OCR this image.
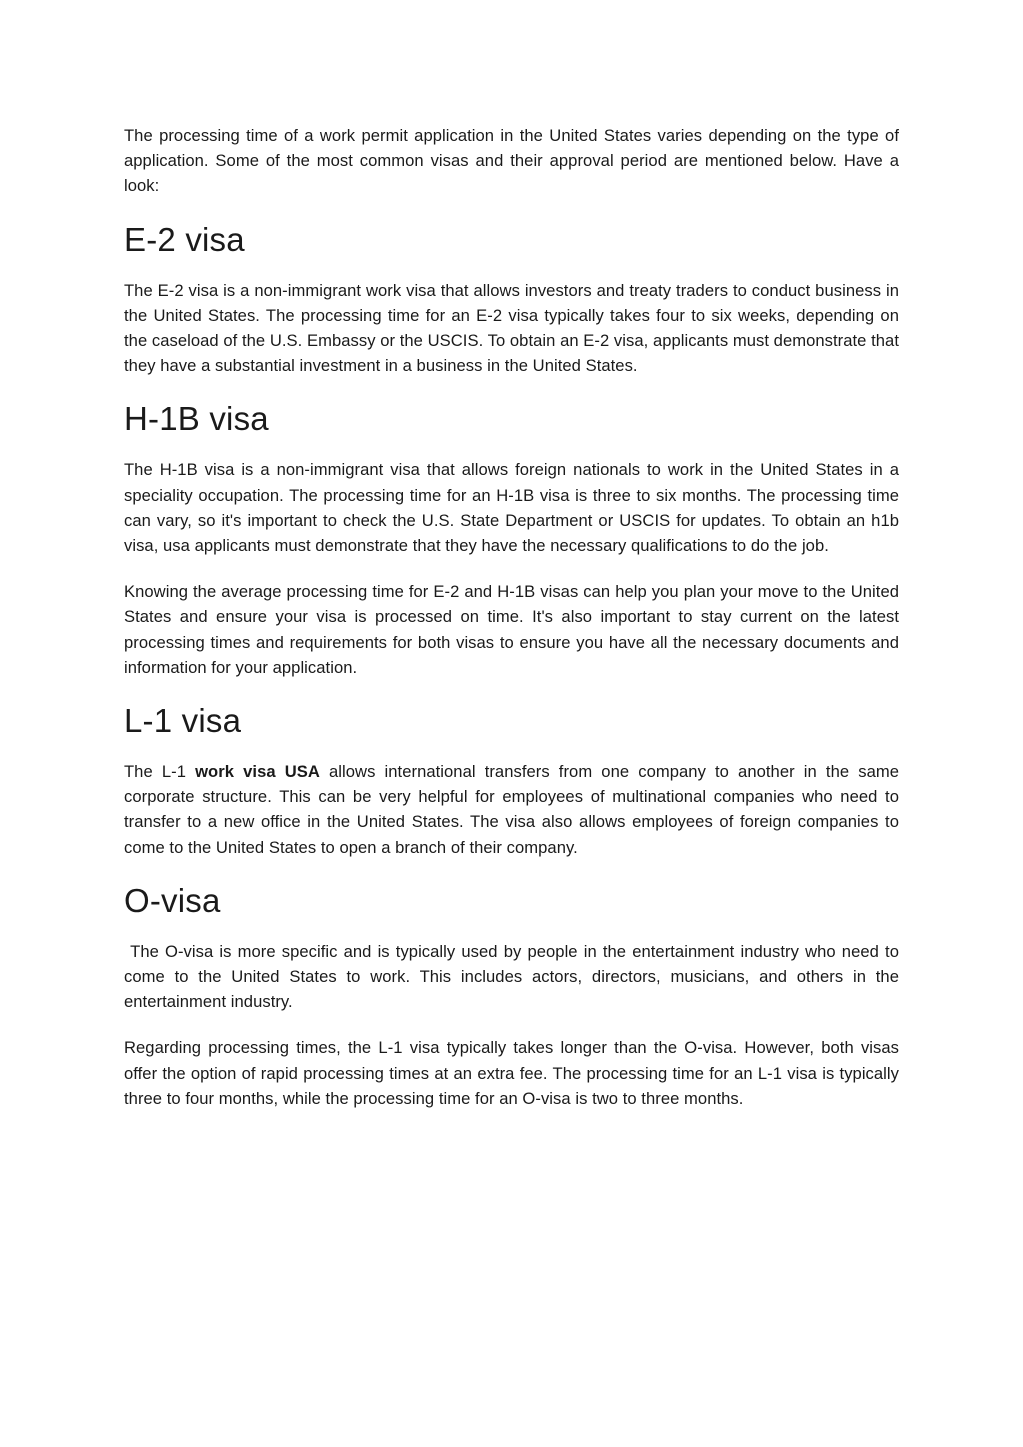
The processing time of a work permit application in the United States varies depending on the type of application. Some of the most common visas and their approval period are mentioned below. Have a look:

E-2 visa

The E-2 visa is a non-immigrant work visa that allows investors and treaty traders to conduct business in the United States. The processing time for an E-2 visa typically takes four to six weeks, depending on the caseload of the U.S. Embassy or the USCIS. To obtain an E-2 visa, applicants must demonstrate that they have a substantial investment in a business in the United States.

H-1B visa

The H-1B visa is a non-immigrant visa that allows foreign nationals to work in the United States in a speciality occupation. The processing time for an H-1B visa is three to six months. The processing time can vary, so it's important to check the U.S. State Department or USCIS for updates. To obtain an h1b visa, usa applicants must demonstrate that they have the necessary qualifications to do the job.

Knowing the average processing time for E-2 and H-1B visas can help you plan your move to the United States and ensure your visa is processed on time. It's also important to stay current on the latest processing times and requirements for both visas to ensure you have all the necessary documents and information for your application.

L-1 visa

The L-1 work visa USA allows international transfers from one company to another in the same corporate structure. This can be very helpful for employees of multinational companies who need to transfer to a new office in the United States. The visa also allows employees of foreign companies to come to the United States to open a branch of their company.

O-visa

The O-visa is more specific and is typically used by people in the entertainment industry who need to come to the United States to work. This includes actors, directors, musicians, and others in the entertainment industry.

Regarding processing times, the L-1 visa typically takes longer than the O-visa. However, both visas offer the option of rapid processing times at an extra fee. The processing time for an L-1 visa is typically three to four months, while the processing time for an O-visa is two to three months.
